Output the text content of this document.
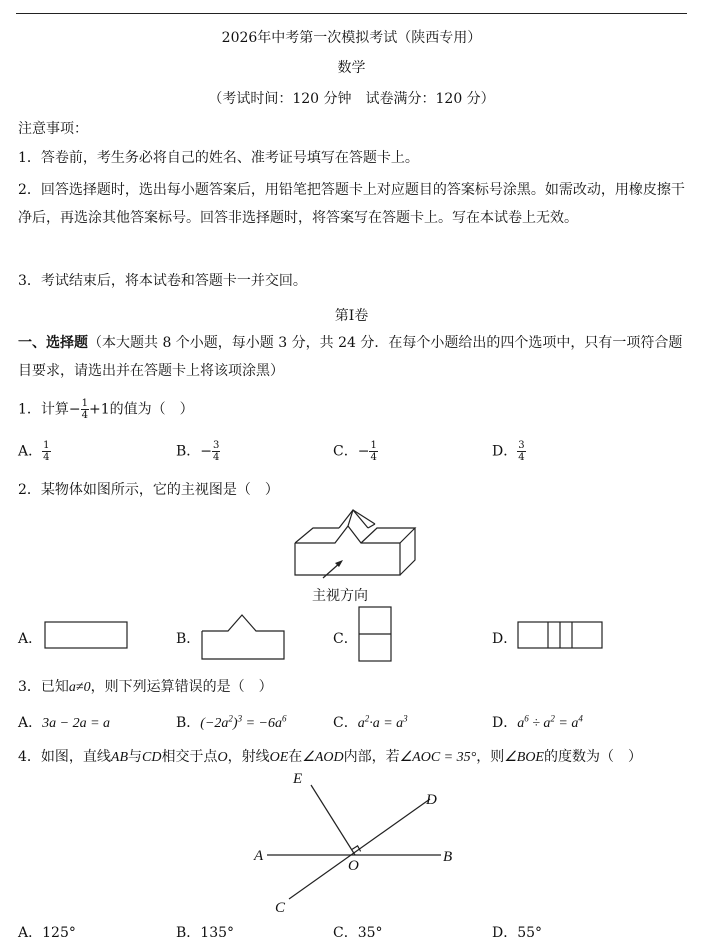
2026年中考第一次模拟考试（陕西专用）
数学
（考试时间：120 分钟　试卷满分：120 分）
注意事项：
1．答卷前，考生务必将自己的姓名、准考证号填写在答题卡上。
2．回答选择题时，选出每小题答案后，用铅笔把答题卡上对应题目的答案标号涂黑。如需改动，用橡皮擦干净后，再选涂其他答案标号。回答非选择题时，将答案写在答题卡上。写在本试卷上无效。
3．考试结束后，将本试卷和答题卡一并交回。
第I卷
一、选择题（本大题共 8 个小题，每小题 3 分，共 24 分．在每个小题给出的四个选项中，只有一项符合题目要求，请选出并在答题卡上将该项涂黑）
1．计算− $\frac{1}{4} +1$的值为（　）
A． $\frac{1}{4}$	B．− $\frac{3}{4}$	C．− $\frac{1}{4}$	D． $\frac{3}{4}$
2．某物体如图所示，它的主视图是（　）
主视方向
A．	B．	C．	D．
3．已知a≠0，则下列运算错误的是（　）
A．3a − 2a = a	B．$(-2a^2)^3 = -6a^6$	C．$a^2\cdot a = a^3$	D．$a^6 \div a^2 = a^4$
4．如图，直线AB与CD相交于点O，射线OE在∠AOD内部，若∠AOC = 35°，则∠BOE的度数为（　）
A	B
C
D
E
O
A．125°	B．135°	C．35°	D．55°
